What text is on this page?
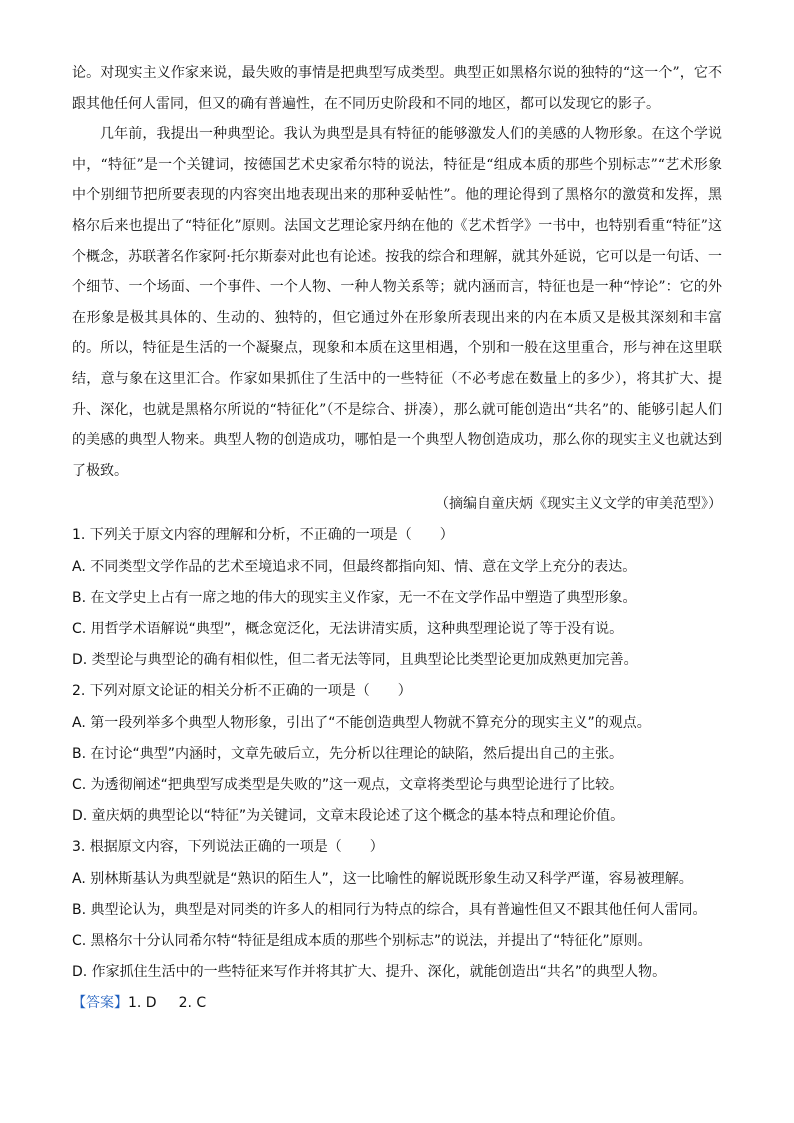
论。对现实主义作家来说，最失败的事情是把典型写成类型。典型正如黑格尔说的独特的“这一个”，它不跟其他任何人雷同，但又的确有普遍性，在不同历史阶段和不同的地区，都可以发现它的影子。

几年前，我提出一种典型论。我认为典型是具有特征的能够激发人们的美感的人物形象。在这个学说中，“特征”是一个关键词，按德国艺术史家希尔特的说法，特征是“组成本质的那些个别标志”“艺术形象中个别细节把所要表现的内容突出地表现出来的那种妥帖性”。他的理论得到了黑格尔的激赏和发挥，黑格尔后来也提出了“特征化”原则。法国文艺理论家丹纳在他的《艺术哲学》一书中，也特别看重“特征”这个概念，苏联著名作家阿·托尔斯泰对此也有论述。按我的综合和理解，就其外延说，它可以是一句话、一个细节、一个场面、一个事件、一个人物、一种人物关系等；就内涵而言，特征也是一种“悖论”：它的外在形象是极其具体的、生动的、独特的，但它通过外在形象所表现出来的内在本质又是极其深刻和丰富的。所以，特征是生活的一个凝聚点，现象和本质在这里相遇，个别和一般在这里重合，形与神在这里联结，意与象在这里汇合。作家如果抓住了生活中的一些特征（不必考虑在数量上的多少），将其扩大、提升、深化，也就是黑格尔所说的“特征化”（不是综合、拼凑），那么就可能创造出“共名”的、能够引起人们的美感的典型人物来。典型人物的创造成功，哪怕是一个典型人物创造成功，那么你的现实主义也就达到了极致。

（摘编自童庆炳《现实主义文学的审美范型》）

1. 下列关于原文内容的理解和分析，不正确的一项是（　　）

A. 不同类型文学作品的艺术至境追求不同，但最终都指向知、情、意在文学上充分的表达。

B. 在文学史上占有一席之地的伟大的现实主义作家，无一不在文学作品中塑造了典型形象。

C. 用哲学术语解说“典型”，概念宽泛化，无法讲清实质，这种典型理论说了等于没有说。

D. 类型论与典型论的确有相似性，但二者无法等同，且典型论比类型论更加成熟更加完善。

2. 下列对原文论证的相关分析不正确的一项是（　　）

A. 第一段列举多个典型人物形象，引出了“不能创造典型人物就不算充分的现实主义”的观点。

B. 在讨论“典型”内涵时，文章先破后立，先分析以往理论的缺陷，然后提出自己的主张。

C. 为透彻阐述“把典型写成类型是失败的”这一观点，文章将类型论与典型论进行了比较。

D. 童庆炳的典型论以“特征”为关键词，文章末段论述了这个概念的基本特点和理论价值。

3. 根据原文内容，下列说法正确的一项是（　　）

A. 别林斯基认为典型就是“熟识的陌生人”，这一比喻性的解说既形象生动又科学严谨，容易被理解。

B. 典型论认为，典型是对同类的许多人的相同行为特点的综合，具有普遍性但又不跟其他任何人雷同。

C. 黑格尔十分认同希尔特“特征是组成本质的那些个别标志”的说法，并提出了“特征化”原则。

D. 作家抓住生活中的一些特征来写作并将其扩大、提升、深化，就能创造出“共名”的典型人物。

【答案】1. D 2. C
